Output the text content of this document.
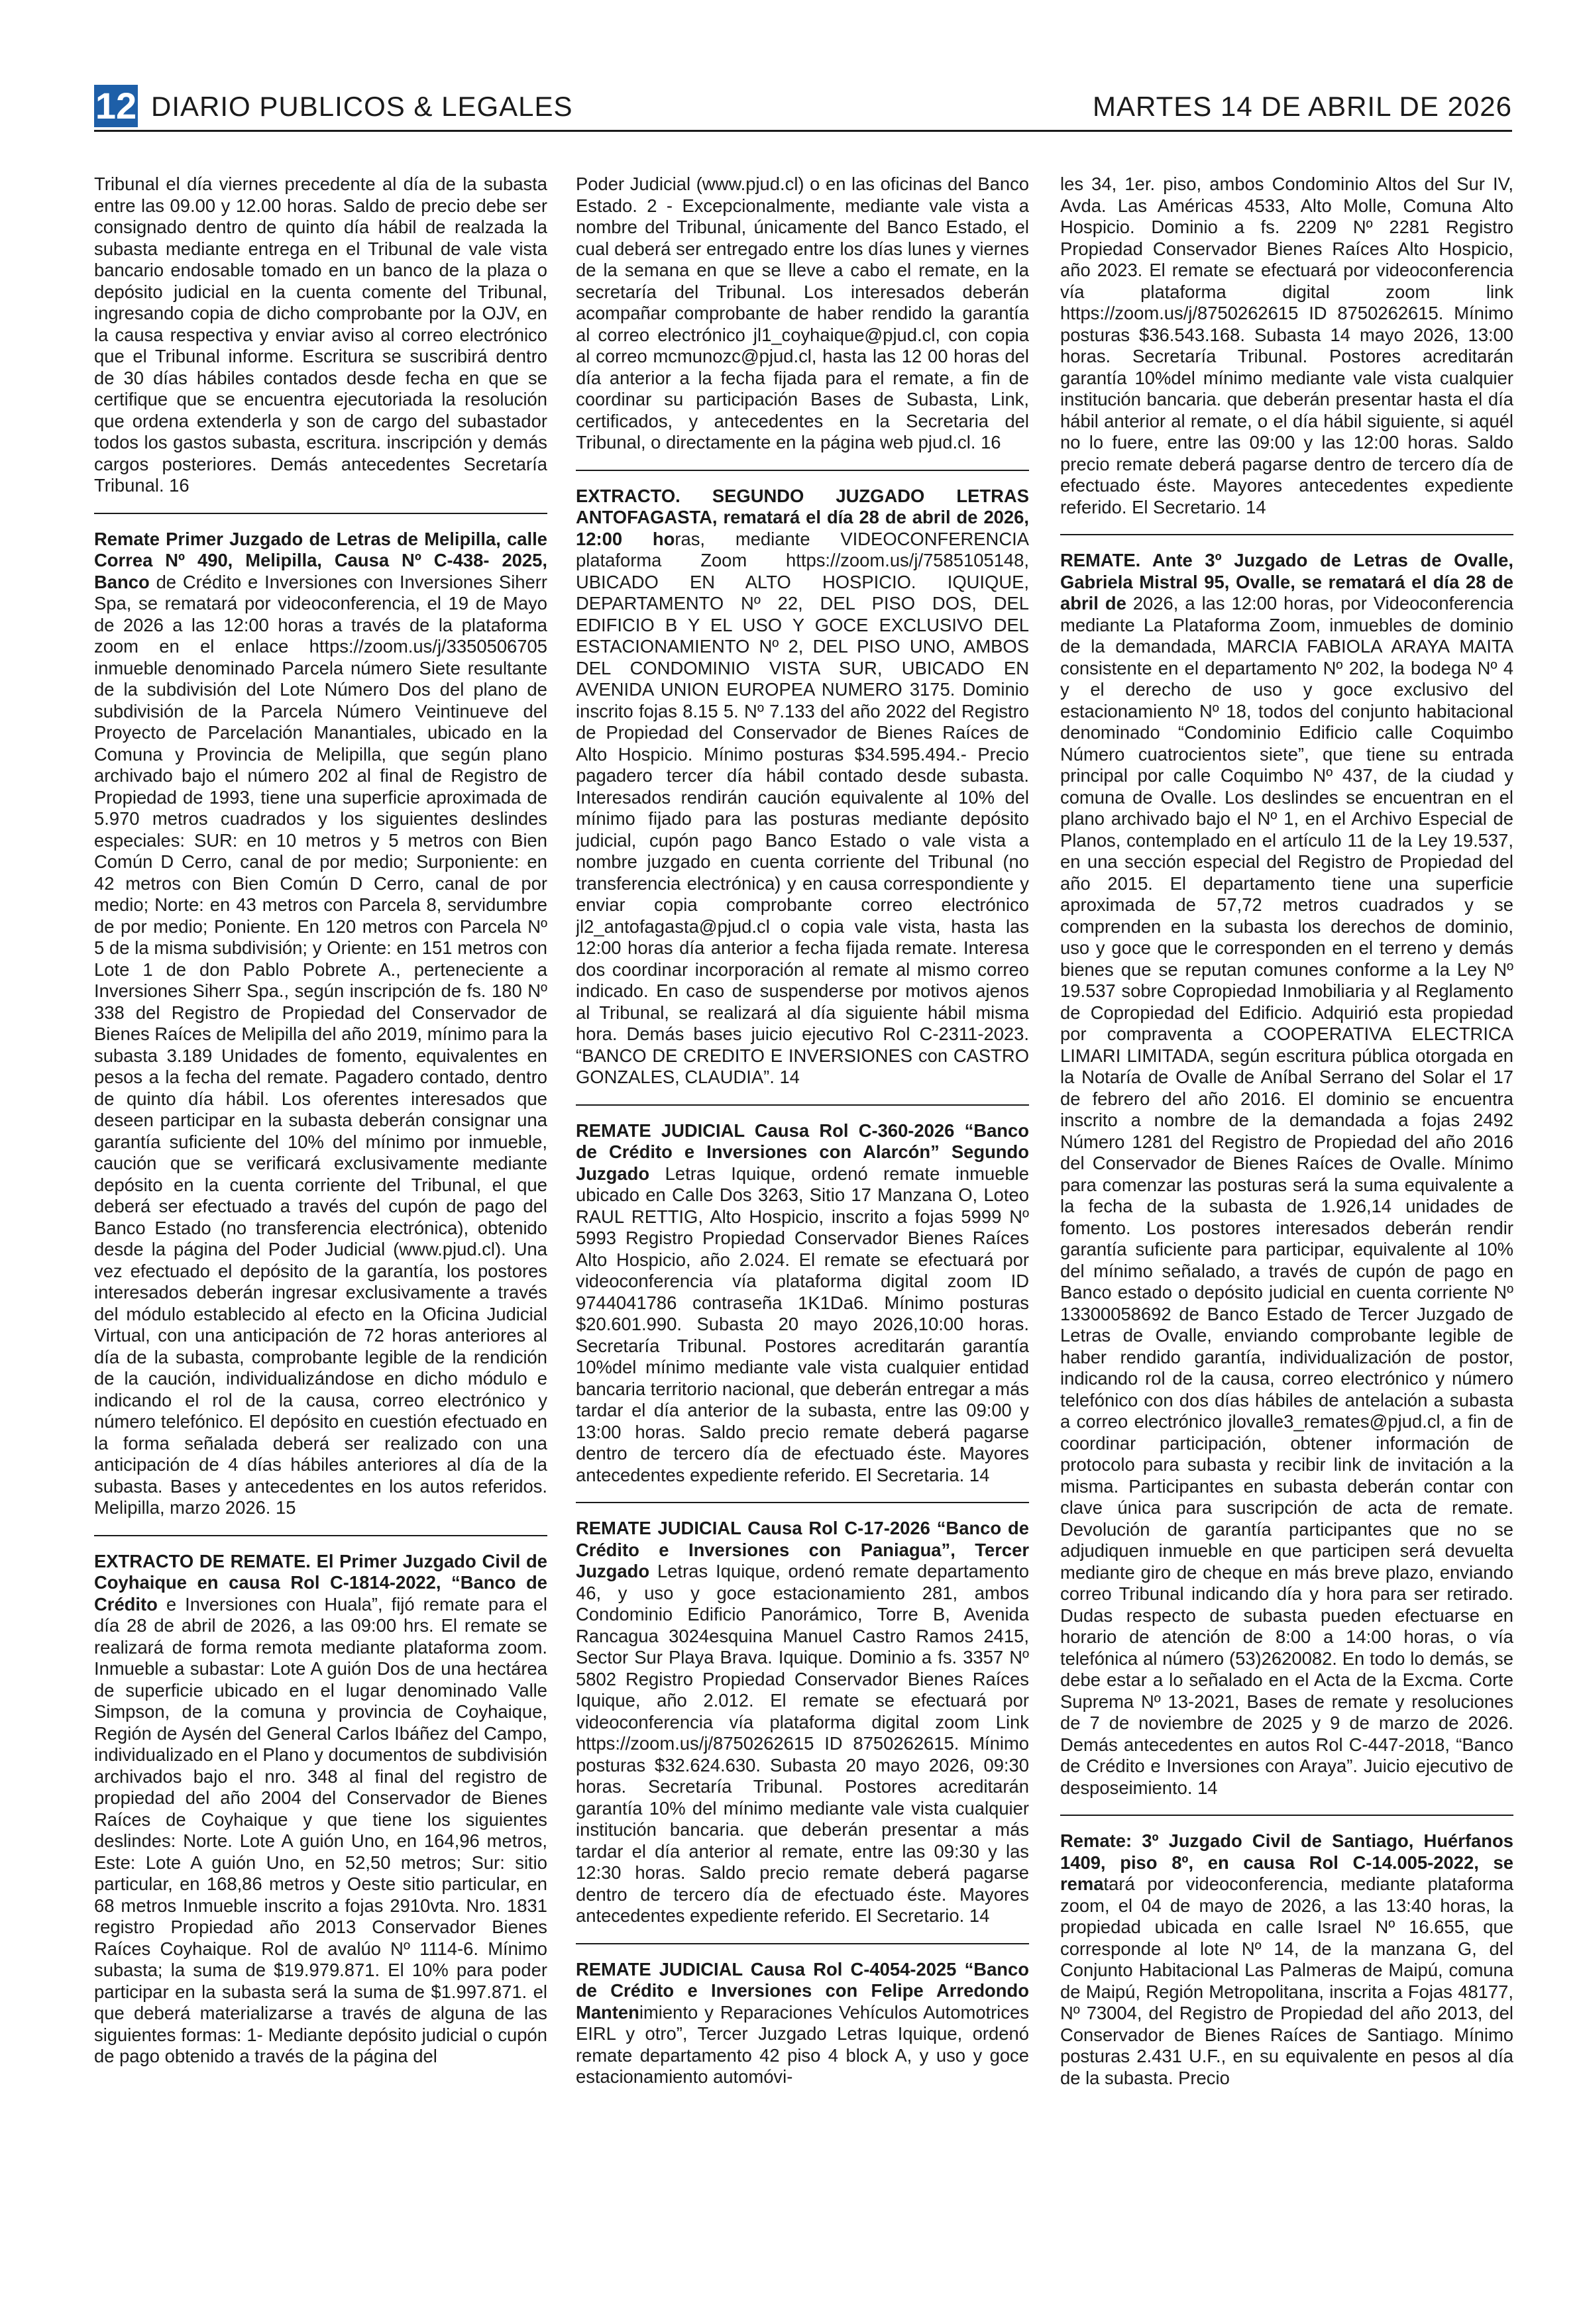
12 DIARIO PUBLICOS & LEGALES	MARTES 14 DE ABRIL DE 2026

Tribunal el día viernes precedente al día de la subasta entre las 09.00 y 12.00 horas. Saldo de precio debe ser consignado dentro de quinto día hábil de realzada la subasta mediante entrega en el Tribunal de vale vista bancario endosable tomado en un banco de la plaza o depósito judicial en la cuenta comente del Tribunal, ingresando copia de dicho comprobante por la OJV, en la causa respectiva y enviar aviso al correo electrónico que el Tribunal informe. Escritura se suscribirá dentro de 30 días hábiles contados desde fecha en que se certifique que se encuentra ejecutoriada la resolución que ordena extenderla y son de cargo del subastador todos los gastos subasta, escritura. inscripción y demás cargos posteriores. Demás antecedentes Secretaría Tribunal. 16

Remate Primer Juzgado de Letras de Melipilla, calle Correa Nº 490, Melipilla, Causa Nº C-438- 2025, Banco de Crédito e Inversiones con Inversiones Siherr Spa, se rematará por videoconferencia, el 19 de Mayo de 2026 a las 12:00 horas a través de la plataforma zoom en el enlace https://zoom.us/j/3350506705 inmueble denominado Parcela número Siete resultante de la subdivisión del Lote Número Dos del plano de subdivisión de la Parcela Número Veintinueve del Proyecto de Parcelación Manantiales, ubicado en la Comuna y Provincia de Melipilla, que según plano archivado bajo el número 202 al final de Registro de Propiedad de 1993, tiene una superficie aproximada de 5.970 metros cuadrados y los siguientes deslindes especiales: SUR: en 10 metros y 5 metros con Bien Común D Cerro, canal de por medio; Surponiente: en 42 metros con Bien Común D Cerro, canal de por medio; Norte: en 43 metros con Parcela 8, servidumbre de por medio; Poniente. En 120 metros con Parcela Nº 5 de la misma subdivisión; y Oriente: en 151 metros con Lote 1 de don Pablo Pobrete A., perteneciente a Inversiones Siherr Spa., según inscripción de fs. 180 Nº 338 del Registro de Propiedad del Conservador de Bienes Raíces de Melipilla del año 2019, mínimo para la subasta 3.189 Unidades de fomento, equivalentes en pesos a la fecha del remate. Pagadero contado, dentro de quinto día hábil. Los oferentes interesados que deseen participar en la subasta deberán consignar una garantía suficiente del 10% del mínimo por inmueble, caución que se verificará exclusivamente mediante depósito en la cuenta corriente del Tribunal, el que deberá ser efectuado a través del cupón de pago del Banco Estado (no transferencia electrónica), obtenido desde la página del Poder Judicial (www.pjud.cl). Una vez efectuado el depósito de la garantía, los postores interesados deberán ingresar exclusivamente a través del módulo establecido al efecto en la Oficina Judicial Virtual, con una anticipación de 72 horas anteriores al día de la subasta, comprobante legible de la rendición de la caución, individualizándose en dicho módulo e indicando el rol de la causa, correo electrónico y número telefónico. El depósito en cuestión efectuado en la forma señalada deberá ser realizado con una anticipación de 4 días hábiles anteriores al día de la subasta. Bases y antecedentes en los autos referidos. Melipilla, marzo 2026. 15

EXTRACTO DE REMATE. El Primer Juzgado Civil de Coyhaique en causa Rol C-1814-2022, “Banco de Crédito e Inversiones con Huala”, fijó remate para el día 28 de abril de 2026, a las 09:00 hrs. El remate se realizará de forma remota mediante plataforma zoom. Inmueble a subastar: Lote A guión Dos de una hectárea de superficie ubicado en el lugar denominado Valle Simpson, de la comuna y provincia de Coyhaique, Región de Aysén del General Carlos Ibáñez del Campo, individualizado en el Plano y documentos de subdivisión archivados bajo el nro. 348 al final del registro de propiedad del año 2004 del Conservador de Bienes Raíces de Coyhaique y que tiene los siguientes deslindes: Norte. Lote A guión Uno, en 164,96 metros, Este: Lote A guión Uno, en 52,50 metros; Sur: sitio particular, en 168,86 metros y Oeste sitio particular, en 68 metros Inmueble inscrito a fojas 2910vta. Nro. 1831 registro Propiedad año 2013 Conservador Bienes Raíces Coyhaique. Rol de avalúo Nº 1114-6. Mínimo subasta; la suma de $19.979.871. El 10% para poder participar en la subasta será la suma de $1.997.871. el que deberá materializarse a través de alguna de las siguientes formas: 1- Mediante depósito judicial o cupón de pago obtenido a través de la página del

Poder Judicial (www.pjud.cl) o en las oficinas del Banco Estado. 2 - Excepcionalmente, mediante vale vista a nombre del Tribunal, únicamente del Banco Estado, el cual deberá ser entregado entre los días lunes y viernes de la semana en que se lleve a cabo el remate, en la secretaría del Tribunal. Los interesados deberán acompañar comprobante de haber rendido la garantía al correo electrónico jl1_coyhaique@pjud.cl, con copia al correo mcmunozc@pjud.cl, hasta las 12 00 horas del día anterior a la fecha fijada para el remate, a fin de coordinar su participación Bases de Subasta, Link, certificados, y antecedentes en la Secretaria del Tribunal, o directamente en la página web pjud.cl. 16

EXTRACTO. SEGUNDO JUZGADO LETRAS ANTOFAGASTA, rematará el día 28 de abril de 2026, 12:00 horas, mediante VIDEOCONFERENCIA plataforma Zoom https://zoom.us/j/7585105148, UBICADO EN ALTO HOSPICIO. IQUIQUE, DEPARTAMENTO Nº 22, DEL PISO DOS, DEL EDIFICIO B Y EL USO Y GOCE EXCLUSIVO DEL ESTACIONAMIENTO Nº 2, DEL PISO UNO, AMBOS DEL CONDOMINIO VISTA SUR, UBICADO EN AVENIDA UNION EUROPEA NUMERO 3175. Dominio inscrito fojas 8.15 5. Nº 7.133 del año 2022 del Registro de Propiedad del Conservador de Bienes Raíces de Alto Hospicio. Mínimo posturas $34.595.494.- Precio pagadero tercer día hábil contado desde subasta. Interesados rendirán caución equivalente al 10% del mínimo fijado para las posturas mediante depósito judicial, cupón pago Banco Estado o vale vista a nombre juzgado en cuenta corriente del Tribunal (no transferencia electrónica) y en causa correspondiente y enviar copia comprobante correo electrónico jl2_antofagasta@pjud.cl o copia vale vista, hasta las 12:00 horas día anterior a fecha fijada remate. Interesa dos coordinar incorporación al remate al mismo correo indicado. En caso de suspenderse por motivos ajenos al Tribunal, se realizará al día siguiente hábil misma hora. Demás bases juicio ejecutivo Rol C-2311-2023. “BANCO DE CREDITO E INVERSIONES con CASTRO GONZALES, CLAUDIA”. 14

REMATE JUDICIAL Causa Rol C-360-2026 “Banco de Crédito e Inversiones con Alarcón” Segundo Juzgado Letras Iquique, ordenó remate inmueble ubicado en Calle Dos 3263, Sitio 17 Manzana O, Loteo RAUL RETTIG, Alto Hospicio, inscrito a fojas 5999 Nº 5993 Registro Propiedad Conservador Bienes Raíces Alto Hospicio, año 2.024. El remate se efectuará por videoconferencia vía plataforma digital zoom ID 9744041786 contraseña 1K1Da6. Mínimo posturas $20.601.990. Subasta 20 mayo 2026,10:00 horas. Secretaría Tribunal. Postores acreditarán garantía 10%del mínimo mediante vale vista cualquier entidad bancaria territorio nacional, que deberán entregar a más tardar el día anterior de la subasta, entre las 09:00 y 13:00 horas. Saldo precio remate deberá pagarse dentro de tercero día de efectuado éste. Mayores antecedentes expediente referido. El Secretaria. 14

REMATE JUDICIAL Causa Rol C-17-2026 “Banco de Crédito e Inversiones con Paniagua”, Tercer Juzgado Letras Iquique, ordenó remate departamento 46, y uso y goce estacionamiento 281, ambos Condominio Edificio Panorámico, Torre B, Avenida Rancagua 3024esquina Manuel Castro Ramos 2415, Sector Sur Playa Brava. Iquique. Dominio a fs. 3357 Nº 5802 Registro Propiedad Conservador Bienes Raíces Iquique, año 2.012. El remate se efectuará por videoconferencia vía plataforma digital zoom Link https://zoom.us/j/8750262615 ID 8750262615. Mínimo posturas $32.624.630. Subasta 20 mayo 2026, 09:30 horas. Secretaría Tribunal. Postores acreditarán garantía 10% del mínimo mediante vale vista cualquier institución bancaria. que deberán presentar a más tardar el día anterior al remate, entre las 09:30 y las 12:30 horas. Saldo precio remate deberá pagarse dentro de tercero día de efectuado éste. Mayores antecedentes expediente referido. El Secretario. 14

REMATE JUDICIAL Causa Rol C-4054-2025 “Banco de Crédito e Inversiones con Felipe Arredondo Mantenimiento y Reparaciones Vehículos Automotrices EIRL y otro”, Tercer Juzgado Letras Iquique, ordenó remate departamento 42 piso 4 block A, y uso y goce estacionamiento automóvi-

les 34, 1er. piso, ambos Condominio Altos del Sur IV, Avda. Las Américas 4533, Alto Molle, Comuna Alto Hospicio. Dominio a fs. 2209 Nº 2281 Registro Propiedad Conservador Bienes Raíces Alto Hospicio, año 2023. El remate se efectuará por videoconferencia vía plataforma digital zoom link https://zoom.us/j/8750262615 ID 8750262615. Mínimo posturas $36.543.168. Subasta 14 mayo 2026, 13:00 horas. Secretaría Tribunal. Postores acreditarán garantía 10%del mínimo mediante vale vista cualquier institución bancaria. que deberán presentar hasta el día hábil anterior al remate, o el día hábil siguiente, si aquél no lo fuere, entre las 09:00 y las 12:00 horas. Saldo precio remate deberá pagarse dentro de tercero día de efectuado éste. Mayores antecedentes expediente referido. El Secretario. 14

REMATE. Ante 3º Juzgado de Letras de Ovalle, Gabriela Mistral 95, Ovalle, se rematará el día 28 de abril de 2026, a las 12:00 horas, por Videoconferencia mediante La Plataforma Zoom, inmuebles de dominio de la demandada, MARCIA FABIOLA ARAYA MAITA consistente en el departamento Nº 202, la bodega Nº 4 y el derecho de uso y goce exclusivo del estacionamiento Nº 18, todos del conjunto habitacional denominado “Condominio Edificio calle Coquimbo Número cuatrocientos siete”, que tiene su entrada principal por calle Coquimbo Nº 437, de la ciudad y comuna de Ovalle. Los deslindes se encuentran en el plano archivado bajo el Nº 1, en el Archivo Especial de Planos, contemplado en el artículo 11 de la Ley 19.537, en una sección especial del Registro de Propiedad del año 2015. El departamento tiene una superficie aproximada de 57,72 metros cuadrados y se comprenden en la subasta los derechos de dominio, uso y goce que le corresponden en el terreno y demás bienes que se reputan comunes conforme a la Ley Nº 19.537 sobre Copropiedad Inmobiliaria y al Reglamento de Copropiedad del Edificio. Adquirió esta propiedad por compraventa a COOPERATIVA ELECTRICA LIMARI LIMITADA, según escritura pública otorgada en la Notaría de Ovalle de Aníbal Serrano del Solar el 17 de febrero del año 2016. El dominio se encuentra inscrito a nombre de la demandada a fojas 2492 Número 1281 del Registro de Propiedad del año 2016 del Conservador de Bienes Raíces de Ovalle. Mínimo para comenzar las posturas será la suma equivalente a la fecha de la subasta de 1.926,14 unidades de fomento. Los postores interesados deberán rendir garantía suficiente para participar, equivalente al 10% del mínimo señalado, a través de cupón de pago en Banco estado o depósito judicial en cuenta corriente Nº 13300058692 de Banco Estado de Tercer Juzgado de Letras de Ovalle, enviando comprobante legible de haber rendido garantía, individualización de postor, indicando rol de la causa, correo electrónico y número telefónico con dos días hábiles de antelación a subasta a correo electrónico jlovalle3_remates@pjud.cl, a fin de coordinar participación, obtener información de protocolo para subasta y recibir link de invitación a la misma. Participantes en subasta deberán contar con clave única para suscripción de acta de remate. Devolución de garantía participantes que no se adjudiquen inmueble en que participen será devuelta mediante giro de cheque en más breve plazo, enviando correo Tribunal indicando día y hora para ser retirado. Dudas respecto de subasta pueden efectuarse en horario de atención de 8:00 a 14:00 horas, o vía telefónica al número (53)2620082. En todo lo demás, se debe estar a lo señalado en el Acta de la Excma. Corte Suprema Nº 13-2021, Bases de remate y resoluciones de 7 de noviembre de 2025 y 9 de marzo de 2026. Demás antecedentes en autos Rol C-447-2018, “Banco de Crédito e Inversiones con Araya”. Juicio ejecutivo de desposeimiento. 14

Remate: 3º Juzgado Civil de Santiago, Huérfanos 1409, piso 8º, en causa Rol C-14.005-2022, se rematará por videoconferencia, mediante plataforma zoom, el 04 de mayo de 2026, a las 13:40 horas, la propiedad ubicada en calle Israel Nº 16.655, que corresponde al lote Nº 14, de la manzana G, del Conjunto Habitacional Las Palmeras de Maipú, comuna de Maipú, Región Metropolitana, inscrita a Fojas 48177, Nº 73004, del Registro de Propiedad del año 2013, del Conservador de Bienes Raíces de Santiago. Mínimo posturas 2.431 U.F., en su equivalente en pesos al día de la subasta. Precio
